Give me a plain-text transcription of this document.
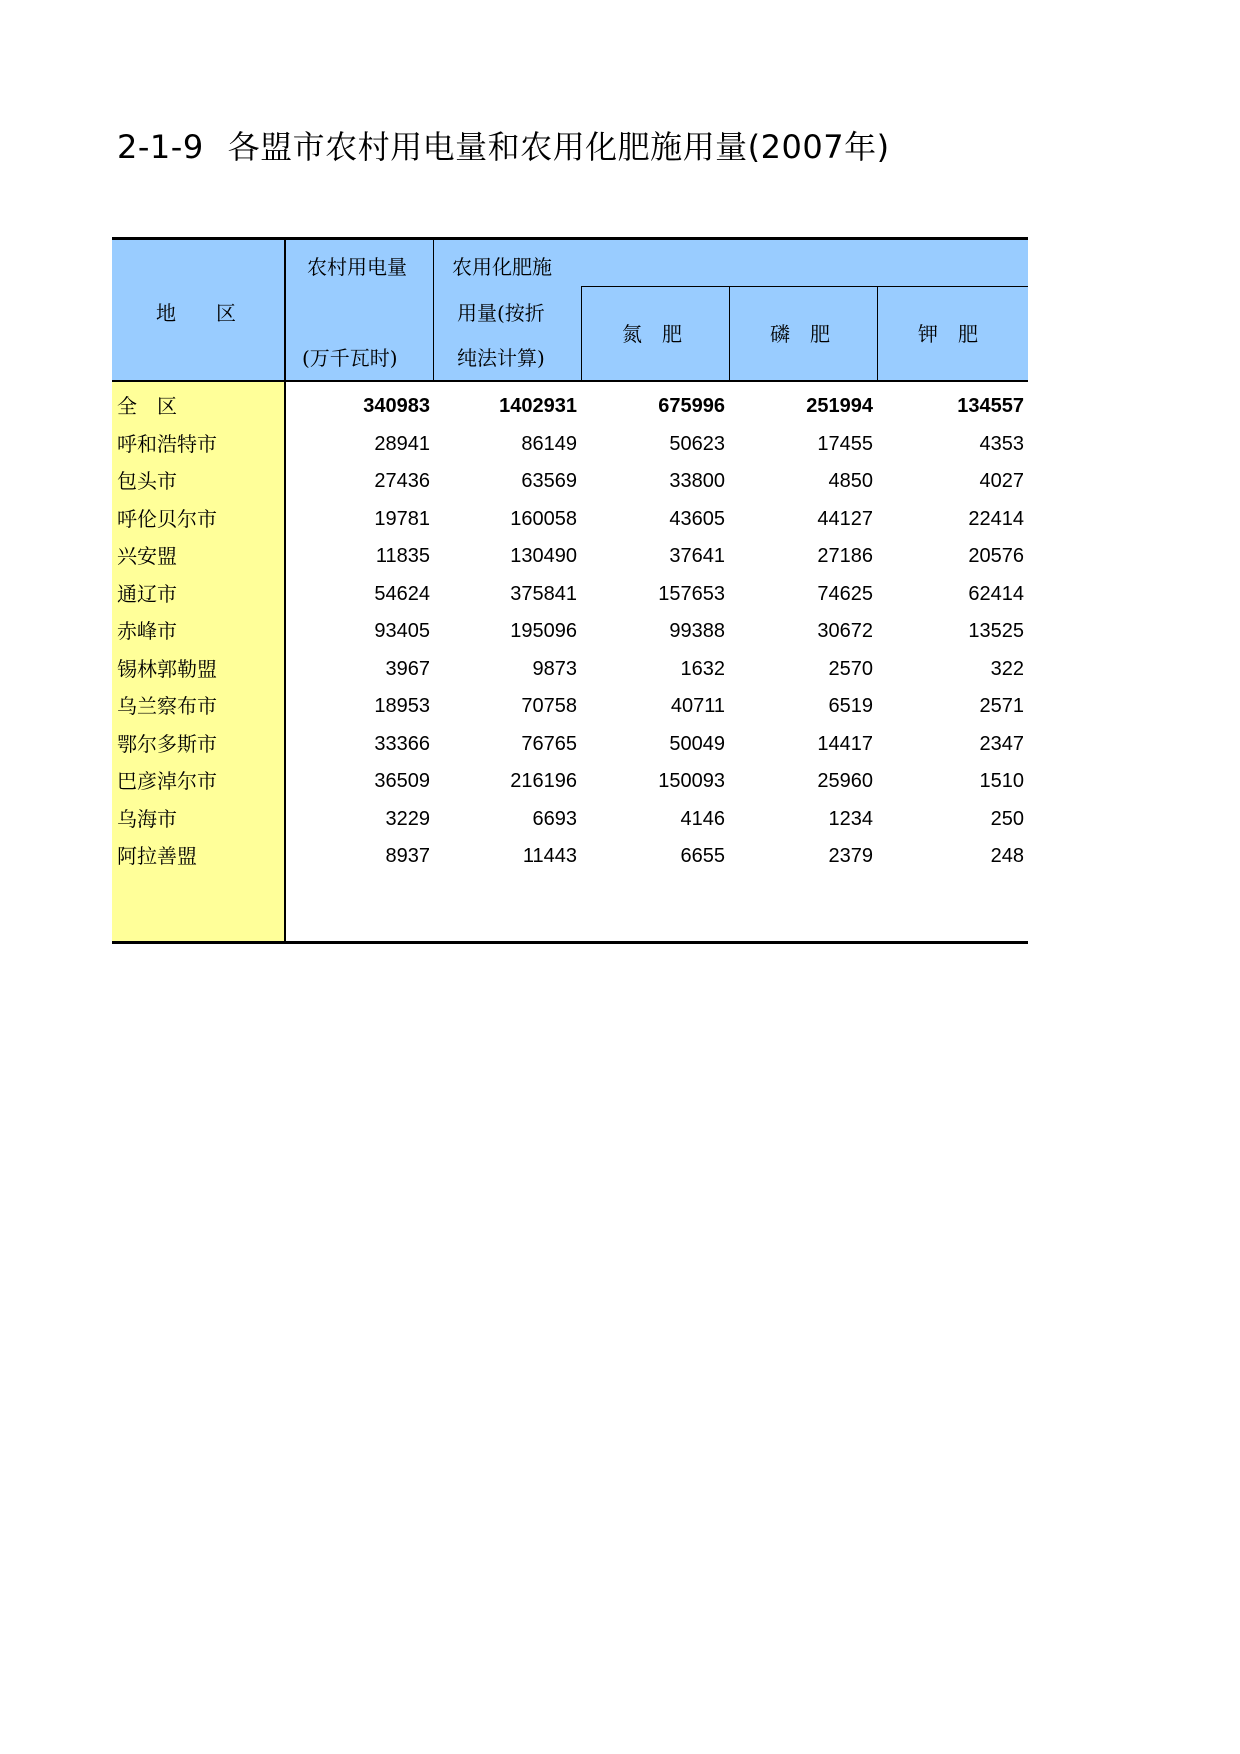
2-1-9 各盟市农村用电量和农用化肥施用量(2007年)
地　　区
农村用电量
(万千瓦时)
农用化肥施
用量(按折
纯法计算)
氮　肥	磷　肥	钾　肥
全　区	340983	1402931	675996	251994	134557
呼和浩特市	28941	86149	50623	17455	4353
包头市	27436	63569	33800	4850	4027
呼伦贝尔市	19781	160058	43605	44127	22414
兴安盟	11835	130490	37641	27186	20576
通辽市	54624	375841	157653	74625	62414
赤峰市	93405	195096	99388	30672	13525
锡林郭勒盟	3967	9873	1632	2570	322
乌兰察布市	18953	70758	40711	6519	2571
鄂尔多斯市	33366	76765	50049	14417	2347
巴彦淖尔市	36509	216196	150093	25960	1510
乌海市	3229	6693	4146	1234	250
阿拉善盟	8937	11443	6655	2379	248
